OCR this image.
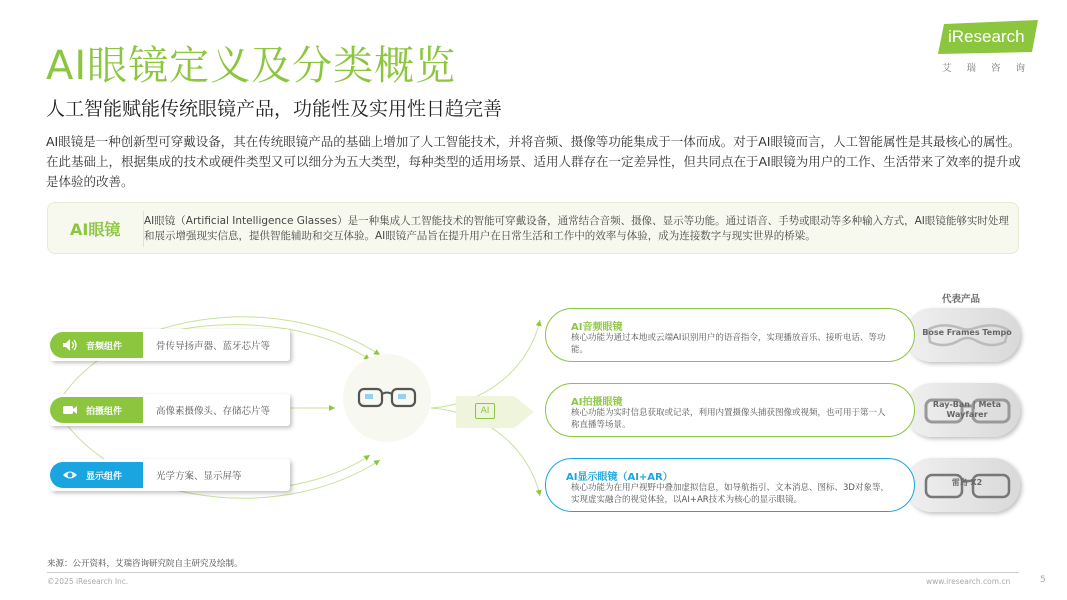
AI眼镜定义及分类概览
人工智能赋能传统眼镜产品，功能性及实用性日趋完善
AI眼镜是一种创新型可穿戴设备，其在传统眼镜产品的基础上增加了人工智能技术，并将音频、摄像等功能集成于一体而成。对于AI眼镜而言，人工智能属性是其最核心的属性。在此基础上，根据集成的技术或硬件类型又可以细分为五大类型，每种类型的适用场景、适用人群存在一定差异性，但共同点在于AI眼镜为用户的工作、生活带来了效率的提升或是体验的改善。
iResearch
艾瑞咨询
AI眼镜 AI眼镜（Artificial Intelligence Glasses）是一种集成人工智能技术的智能可穿戴设备，通常结合音频、摄像、显示等功能。通过语音、手势或眼动等多种输入方式，AI眼镜能够实时处理和展示增强现实信息，提供智能辅助和交互体验。AI眼镜产品旨在提升用户在日常生活和工作中的效率与体验，成为连接数字与现实世界的桥梁。
音频组件	骨传导扬声器、蓝牙芯片等
拍摄组件	高像素摄像头、存储芯片等
显示组件	光学方案、显示屏等
AI
代表产品
AI音频眼镜
核心功能为通过本地或云端AI识别用户的语音指令，实现播放音乐、接听电话、等功能。
Bose Frames Tempo
AI拍摄眼镜
核心功能为实时信息获取或记录，利用内置摄像头捕获图像或视频，也可用于第一人称直播等场景。
Ray-Ban | Meta Wayfarer
AI显示眼镜（AI+AR）
核心功能为在用户视野中叠加虚拟信息，如导航指引、文本消息、图标、3D对象等，实现虚实融合的视觉体验，以AI+AR技术为核心的显示眼镜。
雷鸟 X2
来源：公开资料，艾瑞咨询研究院自主研究及绘制。
©2025 iResearch Inc.	www.iresearch.com.cn	5
